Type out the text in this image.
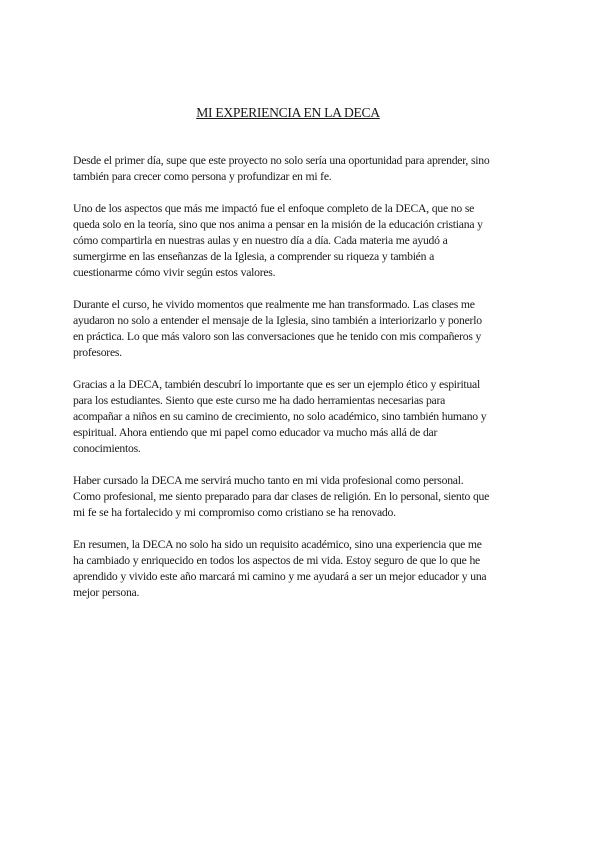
MI EXPERIENCIA EN LA DECA

Desde el primer día, supe que este proyecto no solo sería una oportunidad para aprender, sino
también para crecer como persona y profundizar en mi fe.

Uno de los aspectos que más me impactó fue el enfoque completo de la DECA, que no se
queda solo en la teoría, sino que nos anima a pensar en la misión de la educación cristiana y
cómo compartirla en nuestras aulas y en nuestro día a día. Cada materia me ayudó a
sumergirme en las enseñanzas de la Iglesia, a comprender su riqueza y también a
cuestionarme cómo vivir según estos valores.

Durante el curso, he vivido momentos que realmente me han transformado. Las clases me
ayudaron no solo a entender el mensaje de la Iglesia, sino también a interiorizarlo y ponerlo
en práctica. Lo que más valoro son las conversaciones que he tenido con mis compañeros y
profesores.

Gracias a la DECA, también descubrí lo importante que es ser un ejemplo ético y espiritual
para los estudiantes. Siento que este curso me ha dado herramientas necesarias para
acompañar a niños en su camino de crecimiento, no solo académico, sino también humano y
espiritual. Ahora entiendo que mi papel como educador va mucho más allá de dar
conocimientos.

Haber cursado la DECA me servirá mucho tanto en mi vida profesional como personal.
Como profesional, me siento preparado para dar clases de religión. En lo personal, siento que
mi fe se ha fortalecido y mi compromiso como cristiano se ha renovado.

En resumen, la DECA no solo ha sido un requisito académico, sino una experiencia que me
ha cambiado y enriquecido en todos los aspectos de mi vida. Estoy seguro de que lo que he
aprendido y vivido este año marcará mi camino y me ayudará a ser un mejor educador y una
mejor persona.
